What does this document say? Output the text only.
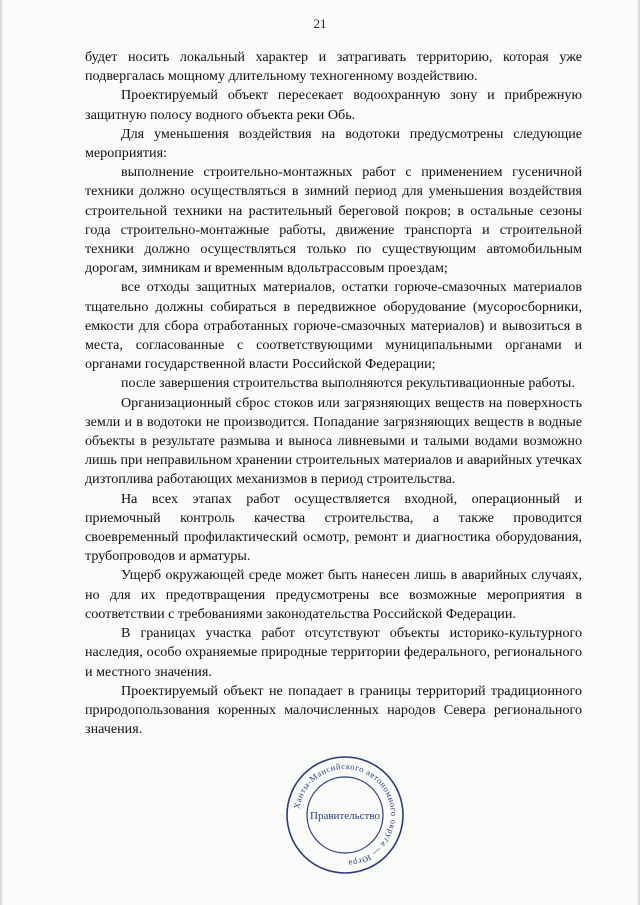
21

будет носить локальный характер и затрагивать территорию, которая уже подвергалась мощному длительному техногенному воздействию.

Проектируемый объект пересекает водоохранную зону и прибрежную защитную полосу водного объекта реки Обь.

Для уменьшения воздействия на водотоки предусмотрены следующие мероприятия:

выполнение строительно-монтажных работ с применением гусеничной техники должно осуществляться в зимний период для уменьшения воздействия строительной техники на растительный береговой покров; в остальные сезоны года строительно-монтажные работы, движение транспорта и строительной техники должно осуществляться только по существующим автомобильным дорогам, зимникам и временным вдольтрассовым проездам;

все отходы защитных материалов, остатки горюче-смазочных материалов тщательно должны собираться в передвижное оборудование (мусоросборники, емкости для сбора отработанных горюче-смазочных материалов) и вывозиться в места, согласованные с соответствующими муниципальными органами и органами государственной власти Российской Федерации;

после завершения строительства выполняются рекультивационные работы.

Организационный сброс стоков или загрязняющих веществ на поверхность земли и в водотоки не производится. Попадание загрязняющих веществ в водные объекты в результате размыва и выноса ливневыми и талыми водами возможно лишь при неправильном хранении строительных материалов и аварийных утечках дизтоплива работающих механизмов в период строительства.

На всех этапах работ осуществляется входной, операционный и приемочный контроль качества строительства, а также проводится своевременный профилактический осмотр, ремонт и диагностика оборудования, трубопроводов и арматуры.

Ущерб окружающей среде может быть нанесен лишь в аварийных случаях, но для их предотвращения предусмотрены все возможные мероприятия в соответствии с требованиями законодательства Российской Федерации.

В границах участка работ отсутствуют объекты историко-культурного наследия, особо охраняемые природные территории федерального, регионального и местного значения.

Проектируемый объект не попадает в границы территорий традиционного природопользования коренных малочисленных народов Севера регионального значения.

Ханты-Мансийского автономного округа — Югра
Правительство
